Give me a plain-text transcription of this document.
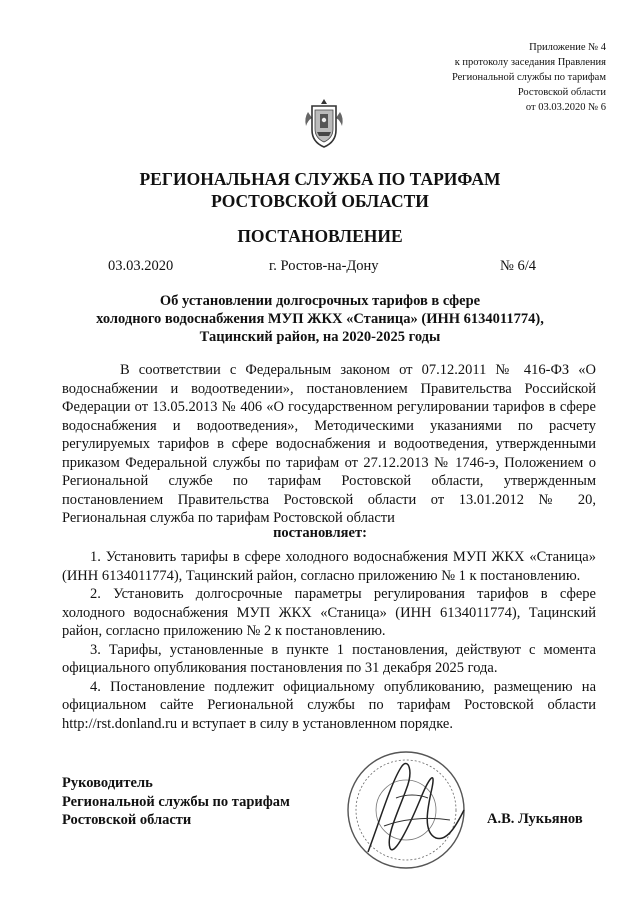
Приложение № 4
к протоколу заседания Правления
Региональной службы по тарифам
Ростовской области
от 03.03.2020 № 6
РЕГИОНАЛЬНАЯ СЛУЖБА ПО ТАРИФАМ
РОСТОВСКОЙ ОБЛАСТИ
ПОСТАНОВЛЕНИЕ
03.03.2020	г. Ростов-на-Дону	№ 6/4
Об установлении долгосрочных тарифов в сфере
холодного водоснабжения МУП ЖКХ «Станица» (ИНН 6134011774),
Тацинский район, на 2020-2025 годы

В соответствии с Федеральным законом от 07.12.2011 № 416-ФЗ «О водоснабжении и водоотведении», постановлением Правительства Российской Федерации от 13.05.2013 № 406 «О государственном регулировании тарифов в сфере водоснабжения и водоотведения», Методическими указаниями по расчету регулируемых тарифов в сфере водоснабжения и водоотведения, утвержденными приказом Федеральной службы по тарифам от 27.12.2013 № 1746-э, Положением о Региональной службе по тарифам Ростовской области, утвержденным постановлением Правительства Ростовской области от 13.01.2012 № 20, Региональная служба по тарифам Ростовской области

постановляет:

1. Установить тарифы в сфере холодного водоснабжения МУП ЖКХ «Станица» (ИНН 6134011774), Тацинский район, согласно приложению № 1 к постановлению.

2. Установить долгосрочные параметры регулирования тарифов в сфере холодного водоснабжения МУП ЖКХ «Станица» (ИНН 6134011774), Тацинский район, согласно приложению № 2 к постановлению.

3. Тарифы, установленные в пункте 1 постановления, действуют с момента официального опубликования постановления по 31 декабря 2025 года.

4. Постановление подлежит официальному опубликованию, размещению на официальном сайте Региональной службы по тарифам Ростовской области http://rst.donland.ru и вступает в силу в установленном порядке.

Руководитель
Региональной службы по тарифам
Ростовской области	А.В. Лукьянов
